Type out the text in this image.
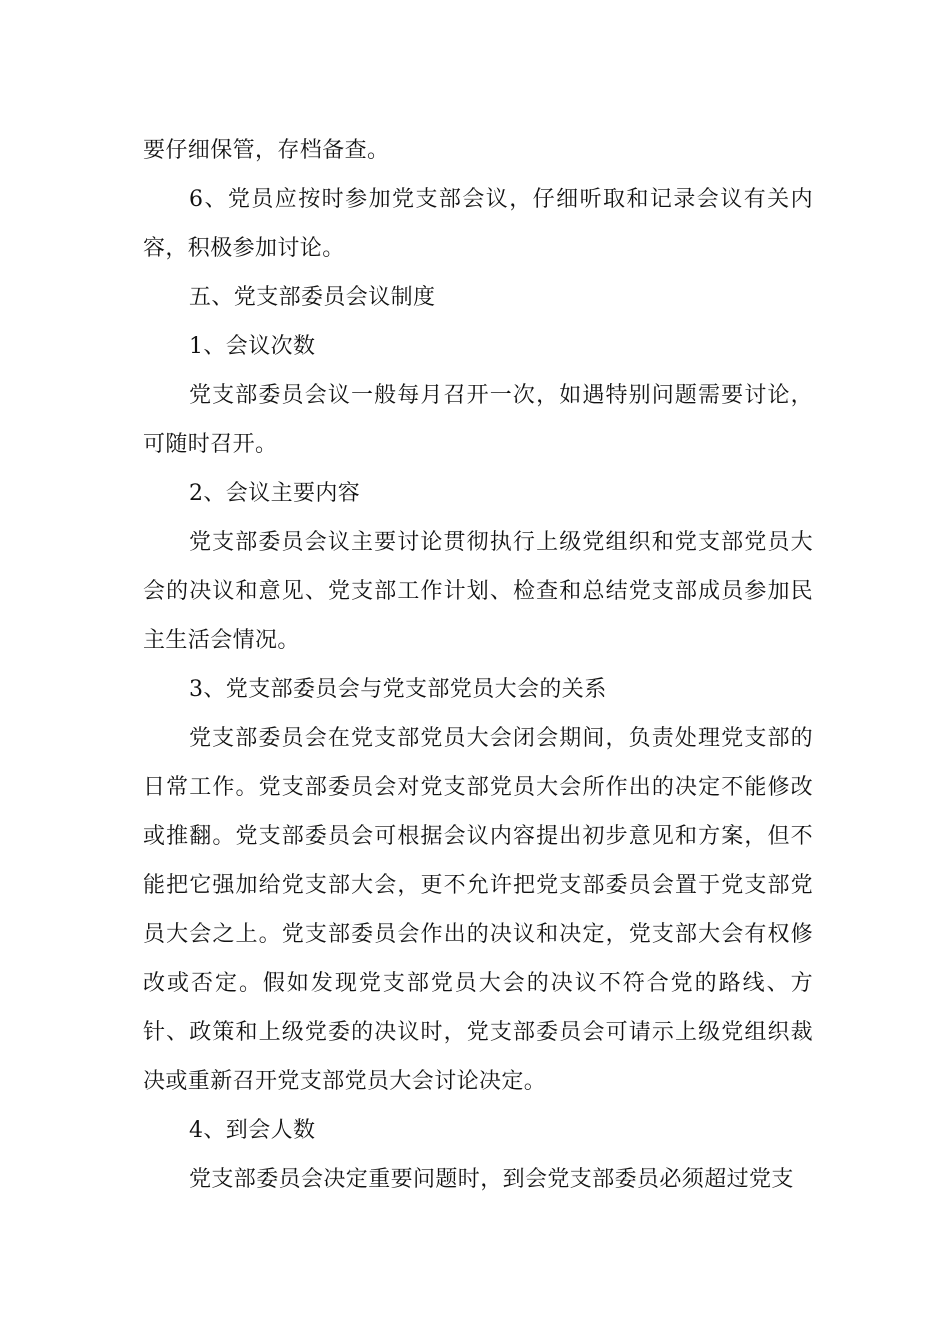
要仔细保管，存档备查。

6、党员应按时参加党支部会议，仔细听取和记录会议有关内容，积极参加讨论。

五、党支部委员会议制度

1、会议次数

党支部委员会议一般每月召开一次，如遇特别问题需要讨论，可随时召开。

2、会议主要内容

党支部委员会议主要讨论贯彻执行上级党组织和党支部党员大会的决议和意见、党支部工作计划、检查和总结党支部成员参加民主生活会情况。

3、党支部委员会与党支部党员大会的关系

党支部委员会在党支部党员大会闭会期间，负责处理党支部的日常工作。党支部委员会对党支部党员大会所作出的决定不能修改或推翻。党支部委员会可根据会议内容提出初步意见和方案，但不能把它强加给党支部大会，更不允许把党支部委员会置于党支部党员大会之上。党支部委员会作出的决议和决定，党支部大会有权修改或否定。假如发现党支部党员大会的决议不符合党的路线、方针、政策和上级党委的决议时，党支部委员会可请示上级党组织裁决或重新召开党支部党员大会讨论决定。

4、到会人数

党支部委员会决定重要问题时，到会党支部委员必须超过党支
